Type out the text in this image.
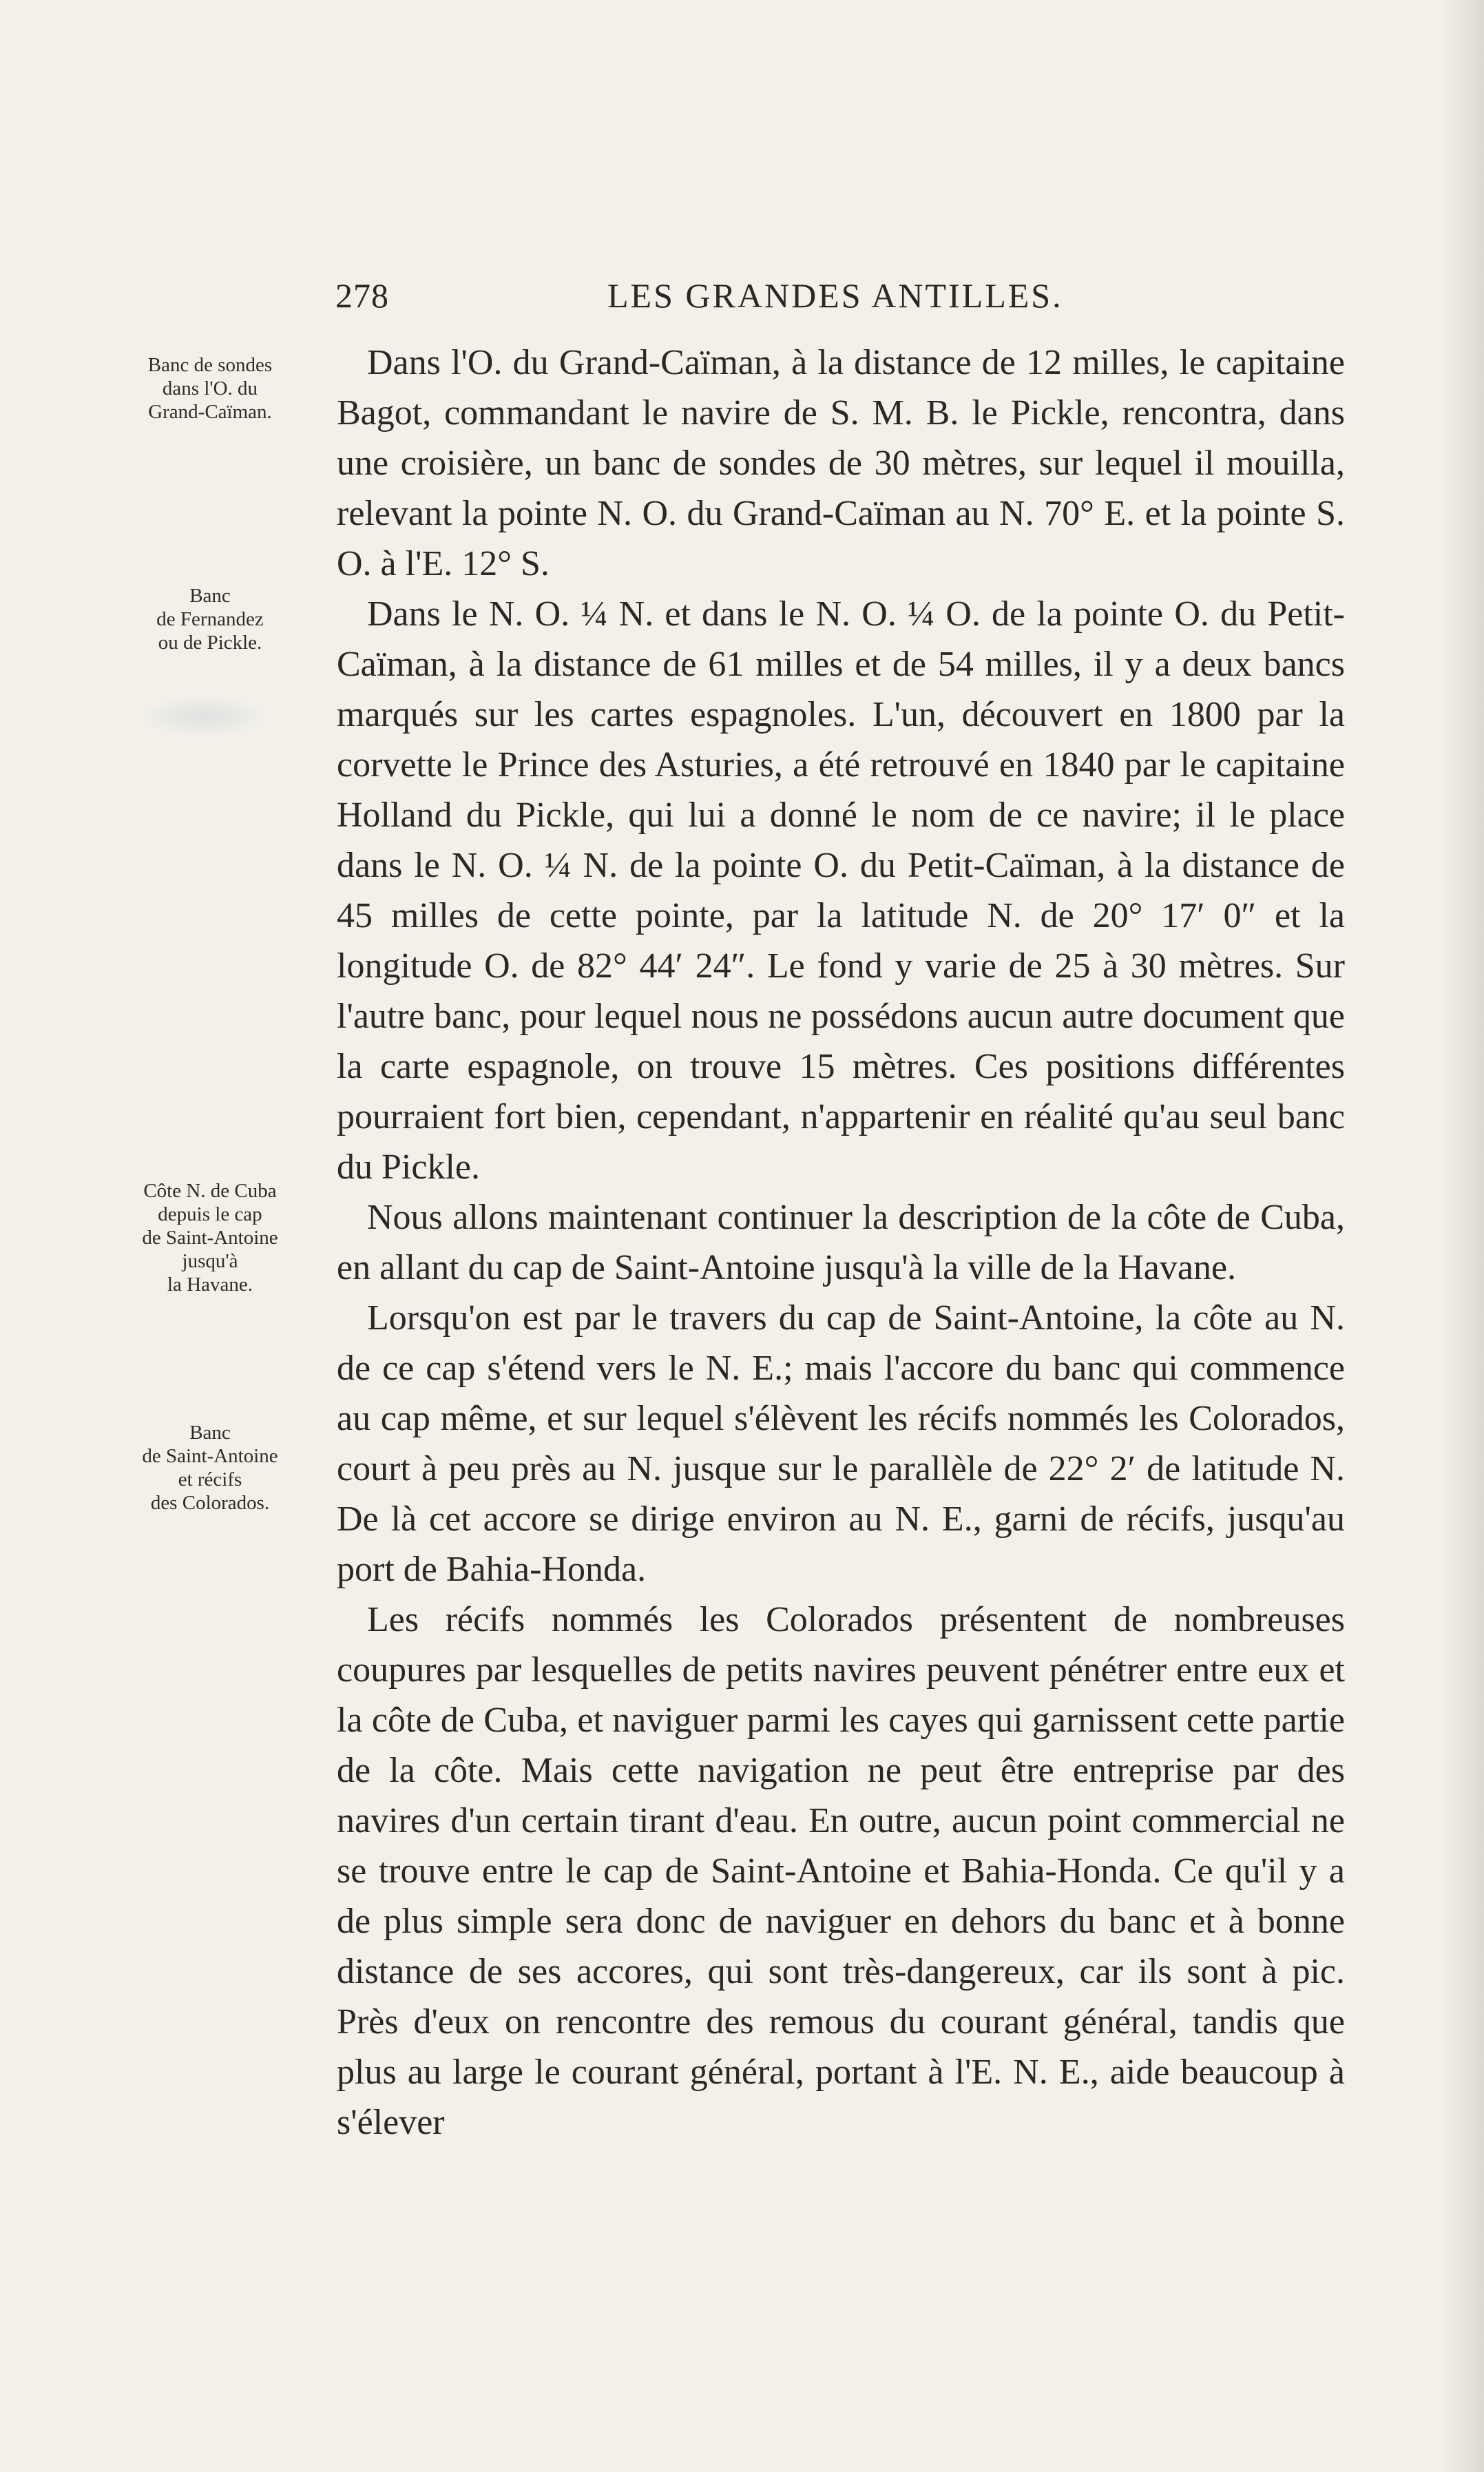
278	LES GRANDES ANTILLES.
Banc de sondes
dans l'O. du
Grand-Caïman.
Banc
de Fernandez
ou de Pickle.
Côte N. de Cuba
depuis le cap
de Saint-Antoine
jusqu'à
la Havane.
Banc
de Saint-Antoine
et récifs
des Colorados.

Dans l'O. du Grand-Caïman, à la distance de 12 milles, le capitaine Bagot, commandant le navire de S. M. B. le Pickle, rencontra, dans une croisière, un banc de sondes de 30 mètres, sur lequel il mouilla, relevant la pointe N. O. du Grand-Caïman au N. 70° E. et la pointe S. O. à l'E. 12° S.

Dans le N. O. ¼ N. et dans le N. O. ¼ O. de la pointe O. du Petit-Caïman, à la distance de 61 milles et de 54 milles, il y a deux bancs marqués sur les cartes espagnoles. L'un, découvert en 1800 par la corvette le Prince des Asturies, a été retrouvé en 1840 par le capitaine Holland du Pickle, qui lui a donné le nom de ce navire; il le place dans le N. O. ¼ N. de la pointe O. du Petit-Caïman, à la distance de 45 milles de cette pointe, par la latitude N. de 20° 17′ 0″ et la longitude O. de 82° 44′ 24″. Le fond y varie de 25 à 30 mètres. Sur l'autre banc, pour lequel nous ne possédons aucun autre document que la carte espagnole, on trouve 15 mètres. Ces positions différentes pourraient fort bien, cependant, n'appartenir en réalité qu'au seul banc du Pickle.

Nous allons maintenant continuer la description de la côte de Cuba, en allant du cap de Saint-Antoine jusqu'à la ville de la Havane.

Lorsqu'on est par le travers du cap de Saint-Antoine, la côte au N. de ce cap s'étend vers le N. E.; mais l'accore du banc qui commence au cap même, et sur lequel s'élèvent les récifs nommés les Colorados, court à peu près au N. jusque sur le parallèle de 22° 2′ de latitude N. De là cet accore se dirige environ au N. E., garni de récifs, jusqu'au port de Bahia-Honda.

Les récifs nommés les Colorados présentent de nombreuses coupures par lesquelles de petits navires peuvent pénétrer entre eux et la côte de Cuba, et naviguer parmi les cayes qui garnissent cette partie de la côte. Mais cette navigation ne peut être entreprise par des navires d'un certain tirant d'eau. En outre, aucun point commercial ne se trouve entre le cap de Saint-Antoine et Bahia-Honda. Ce qu'il y a de plus simple sera donc de naviguer en dehors du banc et à bonne distance de ses accores, qui sont très-dangereux, car ils sont à pic. Près d'eux on rencontre des remous du courant général, tandis que plus au large le courant général, portant à l'E. N. E., aide beaucoup à s'élever
